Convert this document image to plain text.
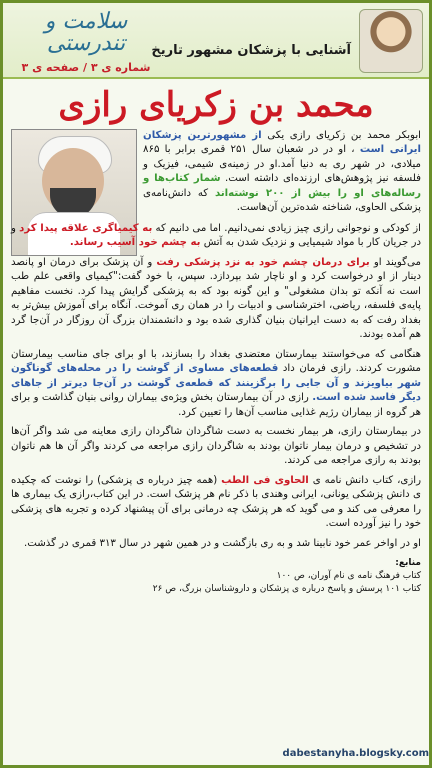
آشنایی با پزشکان مشهور تاریخ
سلامت و تندرستی
شماره ی ۳ / صفحه ی ۳
محمد بن زکریای رازی
ابوبکر محمد بن زکریای رازی یکی از مشهورترین پزشکان ایرانی است ، او در در شعبان سال ۲۵۱ قمری برابر با ۸۶۵ میلادی، در شهر ری به دنیا آمد.او در زمینه‌ی شیمی، فیزیک و فلسفه نیز پژوهش‌های ارزنده‌ای داشته است. شمار کتاب‌ها و رساله‌های او را بیش از ۲۰۰ نوشته‌اند که دانش‌نامه‌ی پزشکی الحاوی، شناخته شده‌ترین آن‌هاست.

از کودکی و نوجوانی رازی چیز زیادی نمی‌دانیم. اما می دانیم که به کیمیاگری علاقه پیدا کرد و در جریان کار با مواد شیمیایی و نزدیک شدن به آتش به چشم خود آسیب رساند.

می‌گویند او برای درمان چشم خود به نزد پزشکی رفت و آن پزشک برای درمان او پانصد دینار از او درخواست کرد و او ناچار شد بپردازد. سپس، با خود گفت:"کیمیای واقعی علم طب است نه آنکه تو بدان مشغولی" و این گونه بود که به پزشکی گرایش پیدا کرد. نخست مفاهیم پایه‌ی فلسفه، ریاضی، اخترشناسی و ادبیات را در همان ری آموخت. آنگاه برای آموزش بیش‌تر به بغداد رفت که به دست ایرانیان بنیان گذاری شده بود و دانشمندان بزرگ آن روزگار در آن‌جا گرد هم آمده بودند.

هنگامی که می‌خواستند بیمارستان معتضدی بغداد را بسازند، با او برای جای مناسب بیمارستان مشورت کردند. رازی فرمان داد قطعه‌های مساوی از گوشت را در محله‌های گوناگون شهر بیاویزند و آن جایی را برگزینند که قطعه‌ی گوشت در آن‌جا دیرتر از جاهای دیگر فاسد شده است. رازی در آن بیمارستان بخش ویژه‌ی بیماران روانی بنیان گذاشت و برای هر گروه از بیماران رژیم غذایی مناسب آن‌ها را تعیین کرد.

در بیمارستان رازی، هر بیمار نخست به دست شاگردان شاگردان رازی معاینه می شد واگر آن‌ها در تشخیص و درمان بیمار ناتوان بودند به شاگردان رازی مراجعه می کردند واگر آن ها هم ناتوان بودند به رازی مراجعه می کردند.

رازی، کتاب دانش نامه ی الحاوی فی الطب (همه چیز درباره ی پزشکی) را نوشت که چکیده ی دانش پزشکی یونانی، ایرانی وهندی با ذکر نام هر پزشک است. در این کتاب،رازی یک بیماری ها را معرفی می کند و می گوید که هر پزشک چه درمانی برای آن پیشنهاد کرده و تجربه های پزشکی خود را نیز آورده است.

او در اواخر عمر خود نابینا شد و به ری بازگشت و در همین شهر در سال ۳۱۳ قمری در گذشت.

منابع:
کتاب فرهنگ نامه ی نام آوران، ص ۱۰۰
کتاب ۱۰۱ پرسش و پاسخ درباره ی پزشکان و داروشناسان بزرگ، ص ۲۶
dabestanyha.blogsky.com
